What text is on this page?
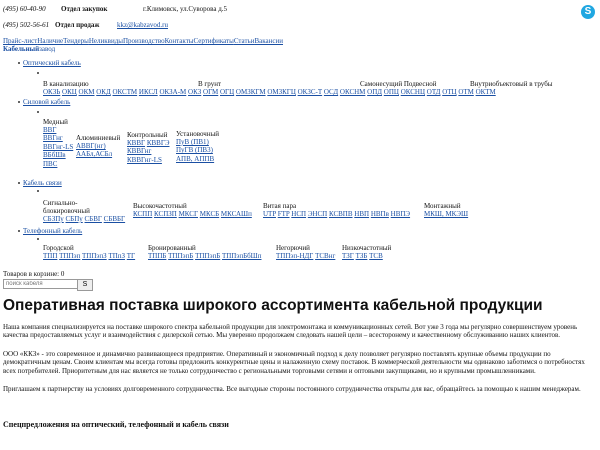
(495) 60-40-90 Отдел закупок	г.Климовск, ул.Суворова д.5
(495) 502-56-61 Отдел продаж	kkz@kabzavod.ru
S
Прайс-листНаличиеТендерыНеликвидыПроизводствоКонтактыСертификатыСтатьиВакансии
Кабельныйзавод
Оптический кабель
В канализацию	В грунт	Самонесущий Подвесной	Внутриобъектовый в трубы
ОКЗЬ ОКЦ ОКМ ОКД ОКСТМ ИКСЛ ОКЗА-М ОКЗ ОГМ ОГЦ ОМЗКГМ ОМЗКГЦ ОКЗС-Т ОСД ОКСНМ ОПД ОПЦ ОКСНЦ ОТД ОТЦ ОТМ ОКТМ
Силовой кабель
Медный
ВВГ
ВВГнг
ВВГнг-LS
ВБбШв
ПВС
Алюминиевый
АВВГ(нг)
ААБл,АСБл
Контрольный
КВВГ КВВГЭ
КВВГнг
КВВГнг-LS
Установочный
ПуВ (ПВ1)
ПуГВ (ПВ3)
АПВ, АППВ
Кабель связи
Сигнально-
блокировочный
СБЗПу СБПу СБВГ СБВБГ
Высокочастотный
КСПП КСПЗП МКСГ МКСБ МКСАШп
Витая пара
UTP FTP НСП ЭНСП КСВПВ НВП НВПв НВПЭ
Монтажный
МКШ, МКЭШ
Телефонный кабель
Городской
ТПП ТППэп ТППэпЗ ТПпЗ ТГ
Бронированный
ТППБ ТППэпБ ТППэпБ ТППэпБбШп
Негорючий
ТППэп-НДГ ТСВнг
Низкочастотный
ТЗГ ТЗБ ТСВ
Товаров в корзине: 0
поиск кабеля
S
Оперативная поставка широкого ассортимента кабельной продукции
Наша компания специализируется на поставке широкого спектра кабельной продукции для электромонтажа и коммуникационных сетей. Вот уже 3 года мы регулярно совершенствуем уровень качества предоставляемых услуг и взаимодействия с дилерской сетью. Мы уверенно продолжаем следовать нашей цели – всесторонему и качественному обслуживанию наших клиентов.
ООО «ККЗ» - это современное и динамично развивающееся предприятие. Оперативный и экономичный подход к делу позволяет регулярно поставлять крупные объемы продукции по демократичным ценам. Своим клиентам мы всегда готовы предложить конкурентные цены и налаженную схему поставок. В коммерческой деятельности мы одинаково заботимся о потребностях всех потребителей. Приоритетным для нас является не только сотрудничество с региональными торговыми сетями и оптовыми закупщиками, но и крупными промышленниками.
Приглашаем к партнерству на условиях долговременного сотрудничества. Все выгодные стороны постоянного сотрудничества открыты для вас, обращайтесь за помощью к нашим менеджерам.
Спецпредложения на оптический, телефонный и кабель связи
